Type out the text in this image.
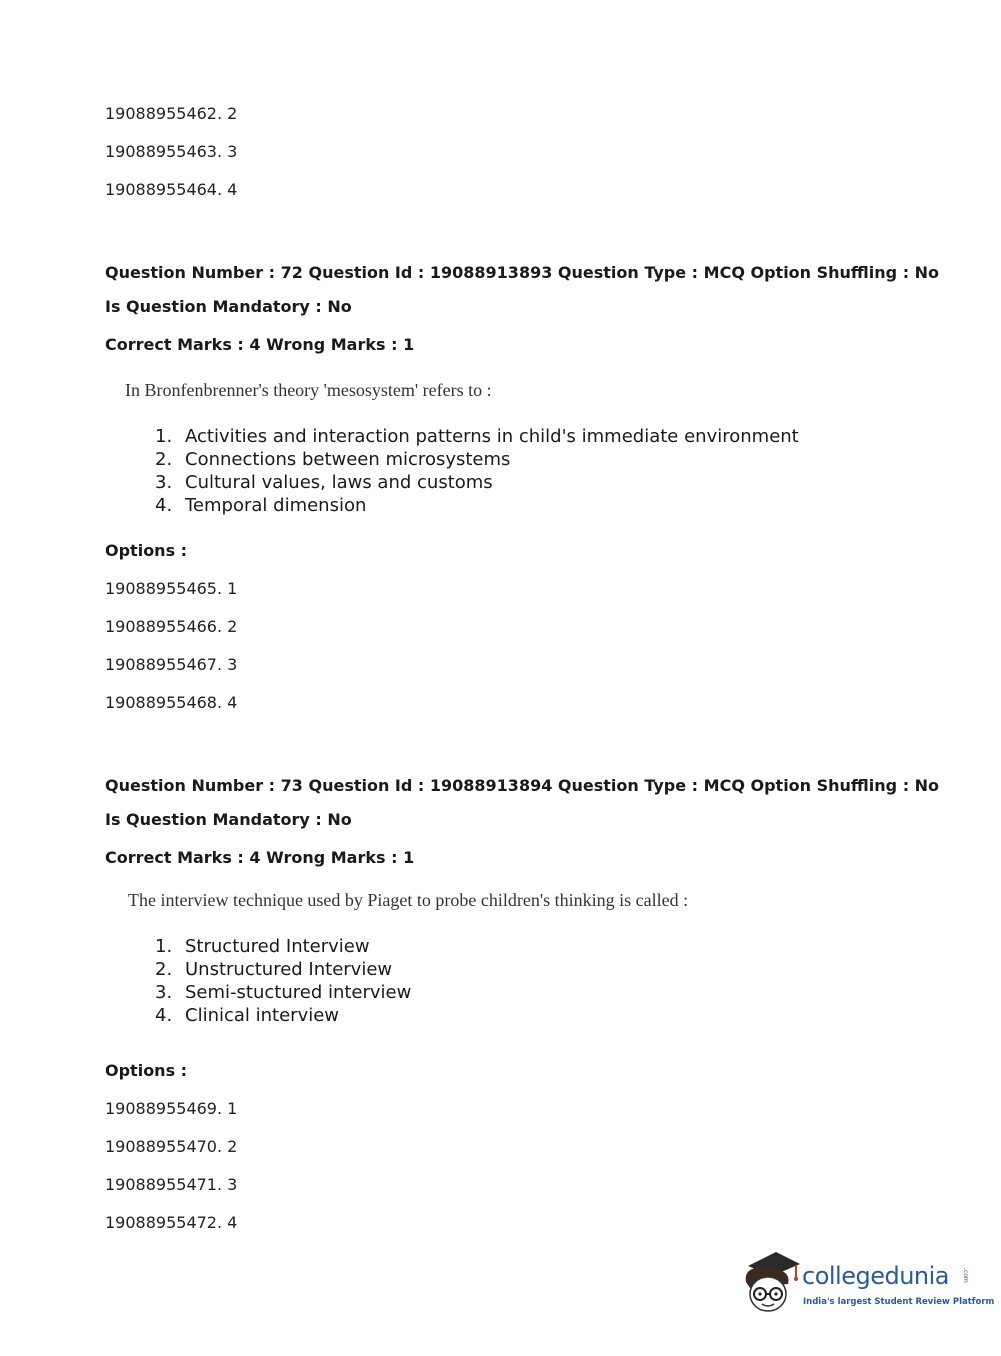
19088955462. 2
19088955463. 3
19088955464. 4
Question Number : 72 Question Id : 19088913893 Question Type : MCQ Option Shuffling : No
Is Question Mandatory : No
Correct Marks : 4 Wrong Marks : 1
In Bronfenbrenner's theory 'mesosystem' refers to :
1. Activities and interaction patterns in child's immediate environment
2. Connections between microsystems
3. Cultural values, laws and customs
4. Temporal dimension
Options :
19088955465. 1
19088955466. 2
19088955467. 3
19088955468. 4
Question Number : 73 Question Id : 19088913894 Question Type : MCQ Option Shuffling : No
Is Question Mandatory : No
Correct Marks : 4 Wrong Marks : 1
The interview technique used by Piaget to probe children's thinking is called :
1. Structured Interview
2. Unstructured Interview
3. Semi-stuctured interview
4. Clinical interview
Options :
19088955469. 1
19088955470. 2
19088955471. 3
19088955472. 4
collegedunia .com
India's largest Student Review Platform
